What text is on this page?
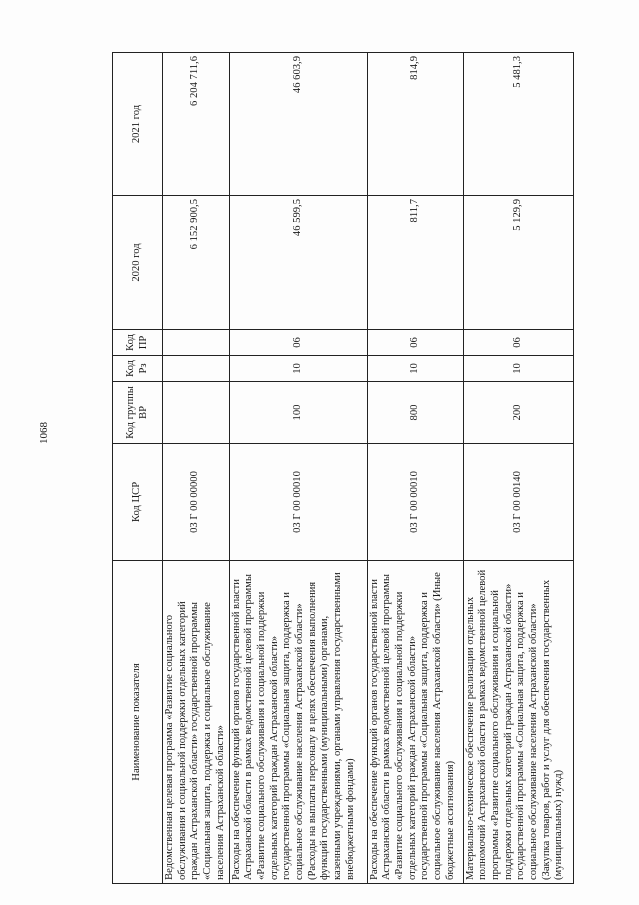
1068
Наименование показателя	Код ЦСР	Код группы ВР	Код Рз	Код ПР	2020 год	2021 год
Ведомственная целевая программа «Развитие социального обслуживания и социальной поддержки отдельных категорий граждан Астраханской области» государственной программы «Социальная защита, поддержка и социальное обслуживание населения Астраханской области»	03 Г 00 00000				6 152 900,5	6 204 711,6
Расходы на обеспечение функций органов государственной власти Астраханской области в рамках ведомственной целевой программы «Развитие социального обслуживания и социальной поддержки отдельных категорий граждан Астраханской области» государственной программы «Социальная защита, поддержка и социальное обслуживание населения Астраханской области» (Расходы на выплаты персоналу в целях обеспечения выполнения функций государственными (муниципальными) органами, казенными учреждениями, органами управления государственными внебюджетными фондами)	03 Г 00 00010	100	10	06	46 599,5	46 603,9
Расходы на обеспечение функций органов государственной власти Астраханской области в рамках ведомственной целевой программы «Развитие социального обслуживания и социальной поддержки отдельных категорий граждан Астраханской области» государственной программы «Социальная защита, поддержка и социальное обслуживание населения Астраханской области» (Иные бюджетные ассигнования)	03 Г 00 00010	800	10	06	811,7	814,9
Материально-техническое обеспечение реализации отдельных полномочий Астраханской области в рамках ведомственной целевой программы «Развитие социального обслуживания и социальной поддержки отдельных категорий граждан Астраханской области» государственной программы «Социальная защита, поддержка и социальное обслуживание населения Астраханской области» (Закупка товаров, работ и услуг для обеспечения государственных (муниципальных) нужд)	03 Г 00 00140	200	10	06	5 129,9	5 481,3
